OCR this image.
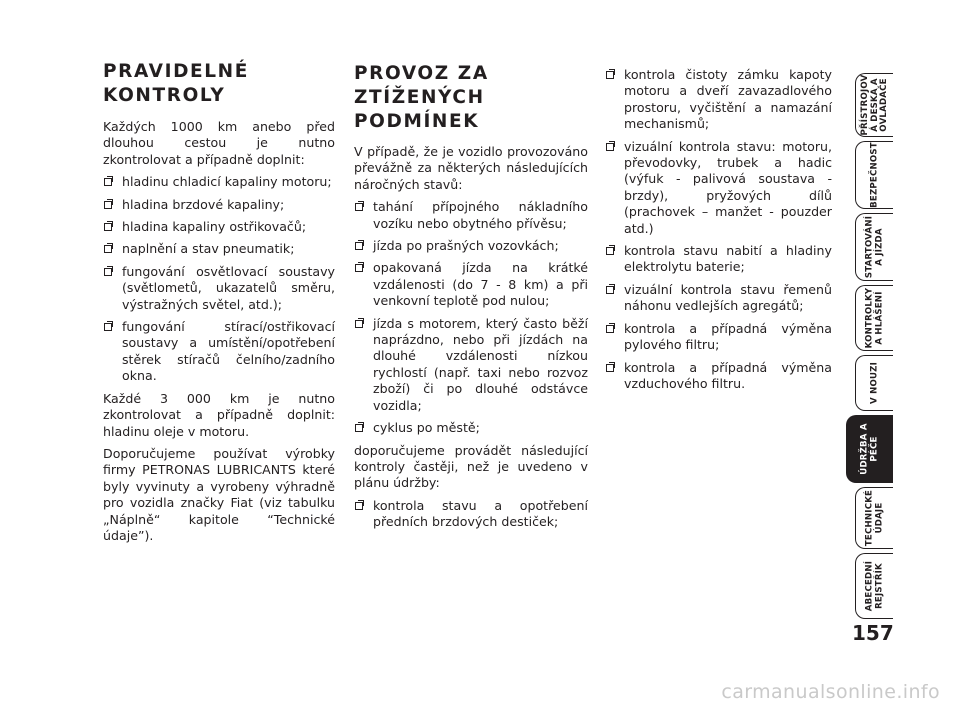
PRAVIDELNÉ
KONTROLY

Každých 1000 km anebo před dlouhou cestou je nutno zkontrolovat a případně doplnit:

hladinu chladicí kapaliny motoru;
hladina brzdové kapaliny;
hladina kapaliny ostřikovačů;
naplnění a stav pneumatik;
fungování osvětlovací soustavy (světlometů, ukazatelů směru, výstražných světel, atd.);
fungování stírací/ostřikovací soustavy a umístění/opotřebení stěrek stíračů čelního/zadního okna.

Každé 3 000 km je nutno zkontrolovat a případně doplnit: hladinu oleje v motoru.

Doporučujeme používat výrobky firmy PETRONAS LUBRICANTS které byly vyvinuty a vyrobeny výhradně pro vozidla značky Fiat (viz tabulku „Náplně“ kapitole “Technické údaje”).

PROVOZ ZA
ZTÍŽENÝCH
PODMÍNEK

V případě, že je vozidlo provozováno převážně za některých následujících náročných stavů:

tahání přípojného nákladního vozíku nebo obytného přívěsu;
jízda po prašných vozovkách;
opakovaná jízda na krátké vzdálenosti (do 7 - 8 km) a při venkovní teplotě pod nulou;
jízda s motorem, který často běží naprázdno, nebo při jízdách na dlouhé vzdálenosti nízkou rychlostí (např. taxi nebo rozvoz zboží) či po dlouhé odstávce vozidla;
cyklus po městě;

doporučujeme provádět následující kontroly častěji, než je uvedeno v plánu údržby:

kontrola stavu a opotřebení předních brzdových destiček;
kontrola čistoty zámku kapoty motoru a dveří zavazadlového prostoru, vyčištění a namazání mechanismů;
vizuální kontrola stavu: motoru, převodovky, trubek a hadic (výfuk - palivová soustava - brzdy), pryžových dílů (prachovek – manžet - pouzder atd.)
kontrola stavu nabití a hladiny elektrolytu baterie;
vizuální kontrola stavu řemenů náhonu vedlejších agregátů;
kontrola a případná výměna pylového filtru;
kontrola a případná výměna vzduchového filtru.
PŘÍSTROJOV Á DESKA A OVLADAČE
BEZPEČNOST
STARTOVÁNÍ A JÍZDA
KONTROLKY A HLÁŠENÍ
V NOUZI
ÚDRŽBA A PÉČE
TECHNICKÉ ÚDAJE
ABECEDNÍ REJSTŘÍK
157
carmanualsonline.info
